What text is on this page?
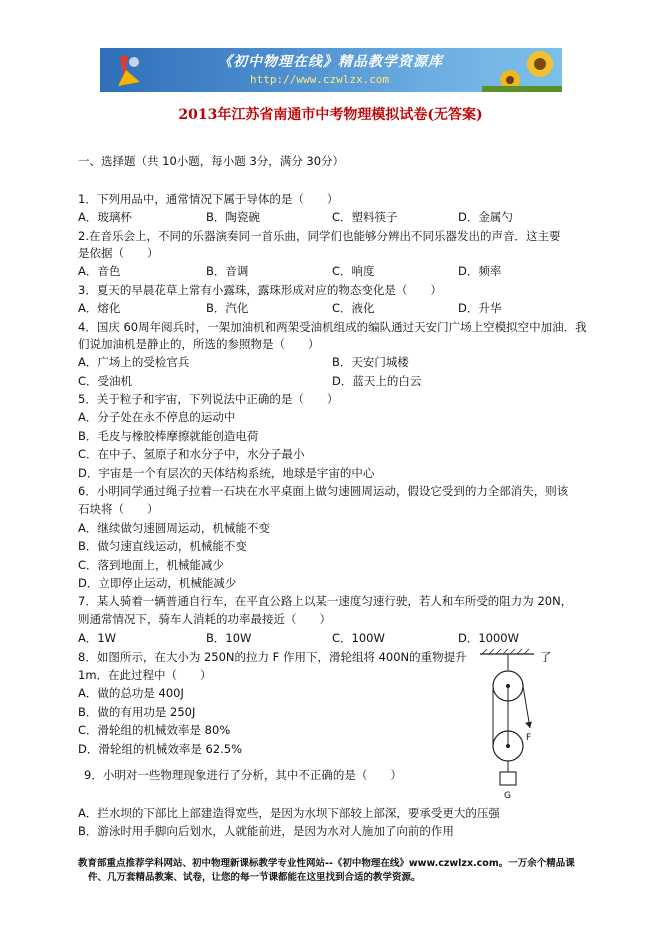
《初中物理在线》精品教学资源库
http://www.czwlzx.com
2013年江苏省南通市中考物理模拟试卷(无答案)
一、选择题（共 10小题，每小题 3分，满分 30分）
1．下列用品中，通常情况下属于导体的是（　　）
A．玻璃杯	B．陶瓷碗	C．塑料筷子	D．金属勺
2.在音乐会上，不同的乐器演奏同一首乐曲，同学们也能够分辨出不同乐器发出的声音．这主要
是依据（　　）
A．音色	B．音调	C．响度	D．频率
3．夏天的早晨花草上常有小露珠，露珠形成对应的物态变化是（　　）
A．熔化	B．汽化	C．液化	D．升华
4．国庆 60周年阅兵时，一架加油机和两架受油机组成的编队通过天安门广场上空模拟空中加油．我
们说加油机是静止的，所选的参照物是（　　）
A．广场上的受检官兵	B．天安门城楼
C．受油机	D．蓝天上的白云
5．关于粒子和宇宙，下列说法中正确的是（　　）
A．分子处在永不停息的运动中
B．毛皮与橡胶棒摩擦就能创造电荷
C．在中子、氢原子和水分子中，水分子最小
D．宇宙是一个有层次的天体结构系统，地球是宇宙的中心
6．小明同学通过绳子拉着一石块在水平桌面上做匀速圆周运动，假设它受到的力全部消失，则该
石块将（　　）
A．继续做匀速圆周运动，机械能不变
B．做匀速直线运动，机械能不变
C．落到地面上，机械能减少
D．立即停止运动，机械能减少
7．某人骑着一辆普通自行车，在平直公路上以某一速度匀速行驶，若人和车所受的阻力为 20N，
则通常情况下，骑车人消耗的功率最接近（　　）
A．1W	B．10W	C．100W	D．1000W
8．如图所示，在大小为 250N的拉力 F 作用下，滑轮组将 400N的重物提升	了
1m．在此过程中（　　）
A．做的总功是 400J
B．做的有用功是 250J
C．滑轮组的机械效率是 80%
D．滑轮组的机械效率是 62.5%
F
G
9．小明对一些物理现象进行了分析，其中不正确的是（　　）
A．拦水坝的下部比上部建造得宽些，是因为水坝下部较上部深，要承受更大的压强
B．游泳时用手脚向后划水，人就能前进，是因为水对人施加了向前的作用
教育部重点推荐学科网站、初中物理新课标教学专业性网站--《初中物理在线》www.czwlzx.com。一万余个精品课
件、几万套精品教案、试卷，让您的每一节课都能在这里找到合适的教学资源。
